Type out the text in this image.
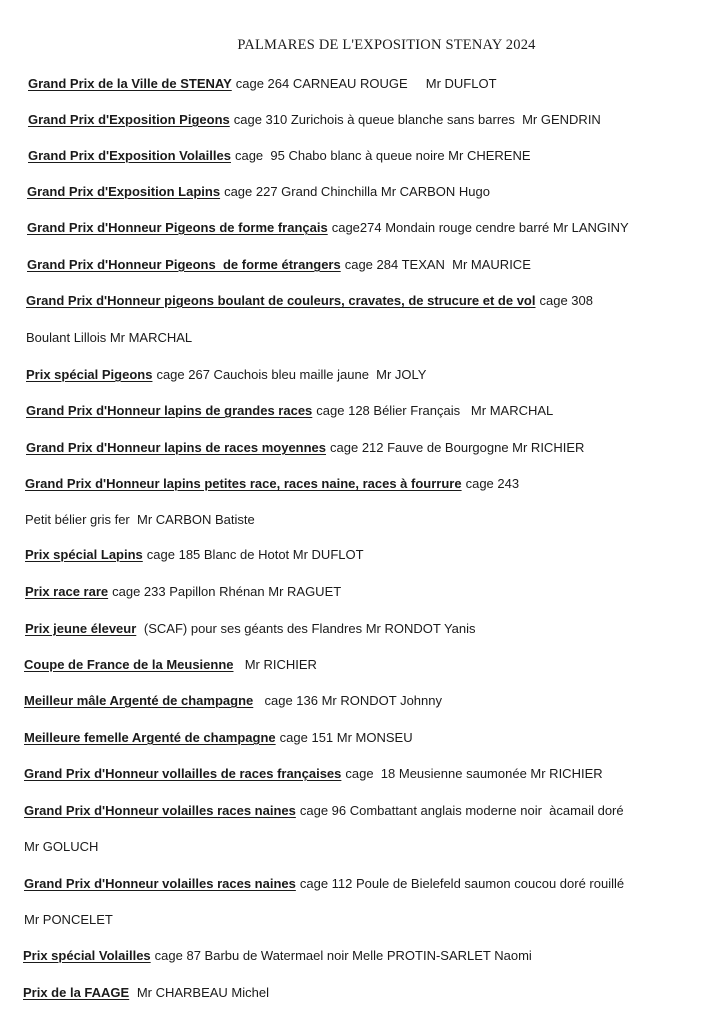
PALMARES DE L'EXPOSITION STENAY 2024
Grand Prix de la Ville de STENAY cage 264 CARNEAU ROUGE     Mr DUFLOT
Grand Prix d'Exposition Pigeons cage 310 Zurichois à queue blanche sans barres  Mr GENDRIN
Grand Prix d'Exposition Volailles cage  95 Chabo blanc à queue noire Mr CHERENE
Grand Prix d'Exposition Lapins cage 227 Grand Chinchilla Mr CARBON Hugo
Grand Prix d'Honneur Pigeons de forme français cage274 Mondain rouge cendre barré Mr LANGINY
Grand Prix d'Honneur Pigeons  de forme étrangers cage 284 TEXAN  Mr MAURICE
Grand Prix d'Honneur pigeons boulant de couleurs, cravates, de strucure et de vol cage 308
Boulant Lillois Mr MARCHAL
Prix spécial Pigeons cage 267 Cauchois bleu maille jaune  Mr JOLY
Grand Prix d'Honneur lapins de grandes races cage 128 Bélier Français   Mr MARCHAL
Grand Prix d'Honneur lapins de races moyennes cage 212 Fauve de Bourgogne Mr RICHIER
Grand Prix d'Honneur lapins petites race, races naine, races à fourrure cage 243
Petit bélier gris fer  Mr CARBON Batiste
Prix spécial Lapins cage 185 Blanc de Hotot Mr DUFLOT
Prix race rare cage 233 Papillon Rhénan Mr RAGUET
Prix jeune éleveur (SCAF) pour ses géants des Flandres Mr RONDOT Yanis
Coupe de France de la Meusienne  Mr RICHIER
Meilleur mâle Argenté de champagne  cage 136 Mr RONDOT Johnny
Meilleure femelle Argenté de champagne cage 151 Mr MONSEU
Grand Prix d'Honneur vollailles de races françaises cage  18 Meusienne saumonée Mr RICHIER
Grand Prix d'Honneur volailles races naines cage 96 Combattant anglais moderne noir  àcamail doré
Mr GOLUCH
Grand Prix d'Honneur volailles races naines cage 112 Poule de Bielefeld saumon coucou doré rouillé
Mr PONCELET
Prix spécial Volailles cage 87 Barbu de Watermael noir Melle PROTIN-SARLET Naomi
Prix de la FAAGE Mr CHARBEAU Michel
